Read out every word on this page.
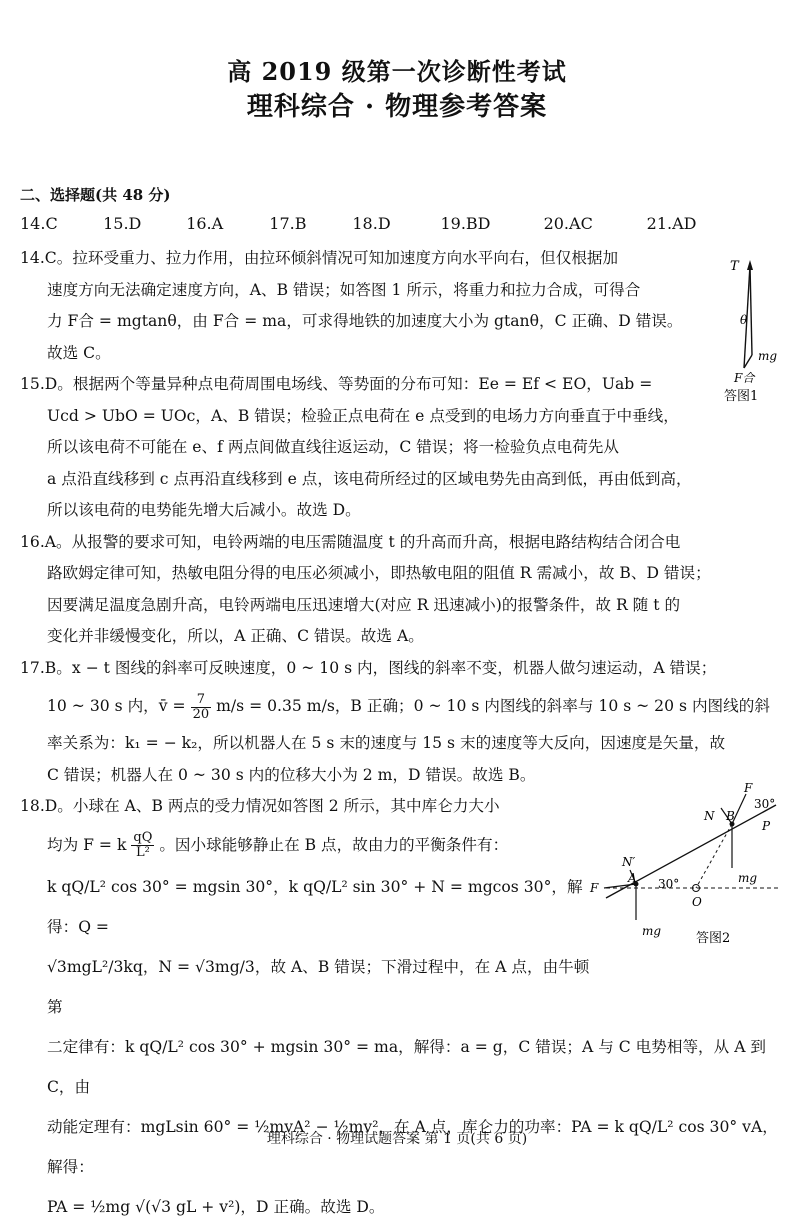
高 2019 级第一次诊断性考试
理科综合 · 物理参考答案
二、选择题(共 48 分)
14.C	15.D	16.A	17.B	18.D	19.BD	20.AC	21.AD
14.C。拉环受重力、拉力作用，由拉环倾斜情况可知加速度方向水平向右，但仅根据加
速度方向无法确定速度方向，A、B 错误；如答图 1 所示，将重力和拉力合成，可得合
力 F合 = mgtanθ，由 F合 = ma，可求得地铁的加速度大小为 gtanθ，C 正确、D 错误。
故选 C。
15.D。根据两个等量异种点电荷周围电场线、等势面的分布可知：Ee = Ef < EO，Uab =
Ucd > UbO = UOc，A、B 错误；检验正点电荷在 e 点受到的电场力方向垂直于中垂线，
所以该电荷不可能在 e、f 两点间做直线往返运动，C 错误；将一检验负点电荷先从
a 点沿直线移到 c 点再沿直线移到 e 点，该电荷所经过的区域电势先由高到低，再由低到高，
所以该电荷的电势能先增大后减小。故选 D。
16.A。从报警的要求可知，电铃两端的电压需随温度 t 的升高而升高，根据电路结构结合闭合电
路欧姆定律可知，热敏电阻分得的电压必须减小，即热敏电阻的阻值 R 需减小，故 B、D 错误；
因要满足温度急剧升高，电铃两端电压迅速增大(对应 R 迅速减小)的报警条件，故 R 随 t 的
变化并非缓慢变化，所以，A 正确、C 错误。故选 A。
17.B。x − t 图线的斜率可反映速度，0 ~ 10 s 内，图线的斜率不变，机器人做匀速运动，A 错误；
10 ~ 30 s 内，v̄ = $\frac{7}{20} m/s = 0.35$ m/s，B 正确；0 ~ 10 s 内图线的斜率与 10 s ~ 20 s 内图线的斜
率关系为：k₁ = − k₂，所以机器人在 5 s 末的速度与 15 s 末的速度等大反向，因速度是矢量，故
C 错误；机器人在 0 ~ 30 s 内的位移大小为 2 m，D 错误。故选 B。
18.D。小球在 A、B 两点的受力情况如答图 2 所示，其中库仑力大小
均为 F = k $\frac{qQ}{\text{L²}}$ 。因小球能够静止在 B 点，故由力的平衡条件有：
k qQ/L² cos 30° = mgsin 30°，k qQ/L² sin 30° + N = mgcos 30°，解得：Q =
√3mgL²/3kq，N = √3mg/3，故 A、B 错误；下滑过程中，在 A 点，由牛顿第
二定律有：k qQ/L² cos 30° + mgsin 30° = ma，解得：a = g，C 错误；A 与 C 电势相等，从 A 到 C，由
动能定理有：mgLsin 60° = ½mvA² − ½mv²，在 A 点，库仑力的功率：PA = k qQ/L² cos 30° vA，解得：
PA = ½mg √(√3 gL + v²)，D 正确。故选 D。
T
θ
mg
F合
答图1
F
30°
N B
P
mg
N′
F
A 30°
O
mg	答图2
理科综合 · 物理试题答案 第 1 页(共 6 页)
